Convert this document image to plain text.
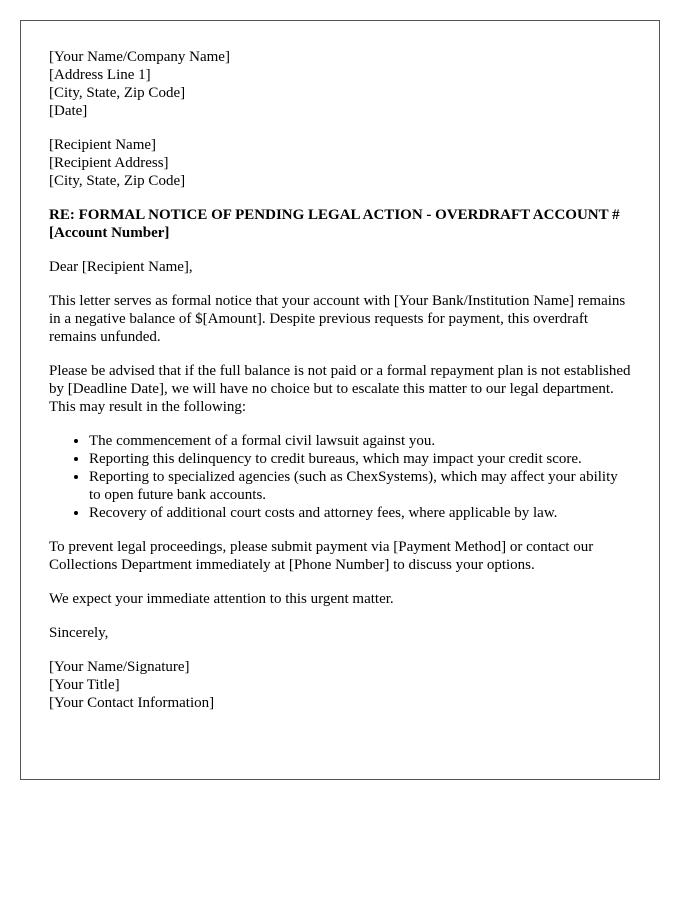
[Your Name/Company Name]
[Address Line 1]
[City, State, Zip Code]
[Date]
[Recipient Name]
[Recipient Address]
[City, State, Zip Code]
RE: FORMAL NOTICE OF PENDING LEGAL ACTION - OVERDRAFT ACCOUNT #[Account Number]

Dear [Recipient Name],

This letter serves as formal notice that your account with [Your Bank/Institution Name] remains in a negative balance of $[Amount]. Despite previous requests for payment, this overdraft remains unfunded.

Please be advised that if the full balance is not paid or a formal repayment plan is not established by [Deadline Date], we will have no choice but to escalate this matter to our legal department. This may result in the following:

• The commencement of a formal civil lawsuit against you.
• Reporting this delinquency to credit bureaus, which may impact your credit score.
• Reporting to specialized agencies (such as ChexSystems), which may affect your ability to open future bank accounts.
• Recovery of additional court costs and attorney fees, where applicable by law.

To prevent legal proceedings, please submit payment via [Payment Method] or contact our Collections Department immediately at [Phone Number] to discuss your options.

We expect your immediate attention to this urgent matter.

Sincerely,

[Your Name/Signature]
[Your Title]
[Your Contact Information]
